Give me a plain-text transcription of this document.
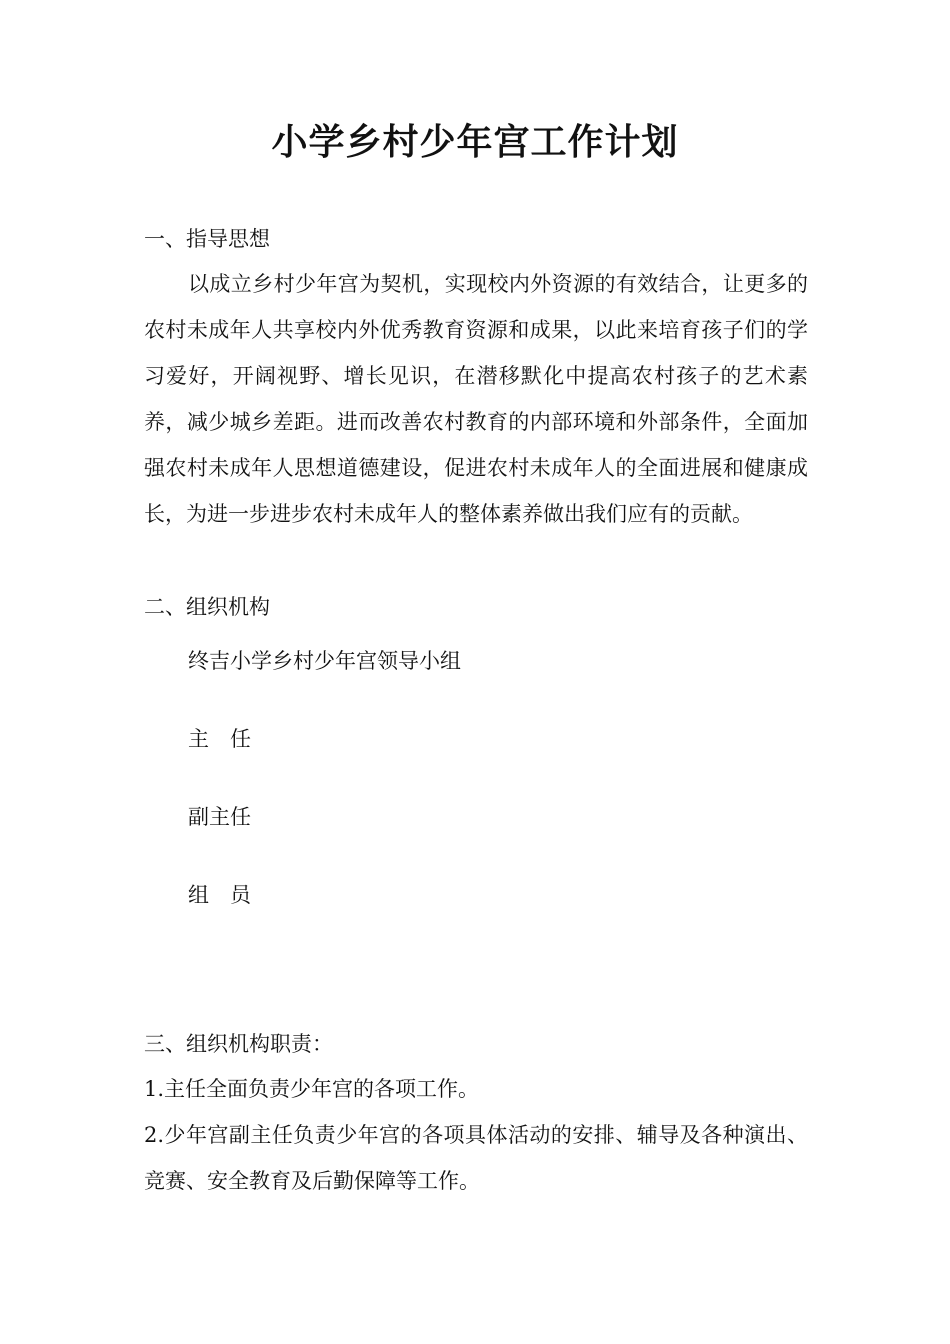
小学乡村少年宫工作计划
一、指导思想
以成立乡村少年宫为契机，实现校内外资源的有效结合，让更多的农村未成年人共享校内外优秀教育资源和成果，以此来培育孩子们的学习爱好，开阔视野、增长见识，在潜移默化中提高农村孩子的艺术素养，减少城乡差距。进而改善农村教育的内部环境和外部条件，全面加强农村未成年人思想道德建设，促进农村未成年人的全面进展和健康成长，为进一步进步农村未成年人的整体素养做出我们应有的贡献。
二、组织机构
终吉小学乡村少年宫领导小组
主　任
副主任
组　员
三、组织机构职责：
1.主任全面负责少年宫的各项工作。
2.少年宫副主任负责少年宫的各项具体活动的安排、辅导及各种演出、竞赛、安全教育及后勤保障等工作。
